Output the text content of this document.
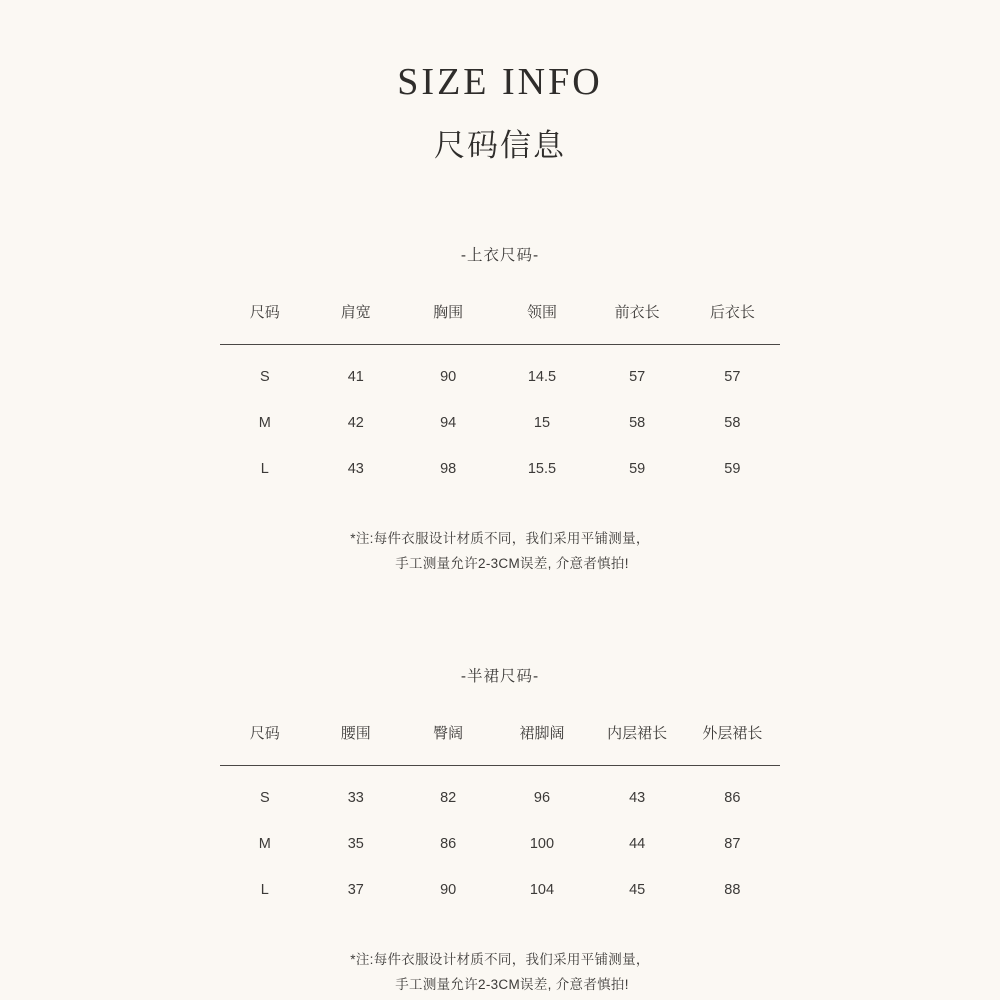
SIZE INFO
尺码信息
-上衣尺码-
尺码	肩宽	胸围	领围	前衣长	后衣长
S	41	90	14.5	57	57
M	42	94	15	58	58
L	43	98	15.5	59	59
*注:每件衣服设计材质不同，我们采用平铺测量，
手工测量允许2-3CM误差, 介意者慎拍!
-半裙尺码-
尺码	腰围	臀阔	裙脚阔	内层裙长	外层裙长
S	33	82	96	43	86
M	35	86	100	44	87
L	37	90	104	45	88
*注:每件衣服设计材质不同，我们采用平铺测量，
手工测量允许2-3CM误差, 介意者慎拍!
